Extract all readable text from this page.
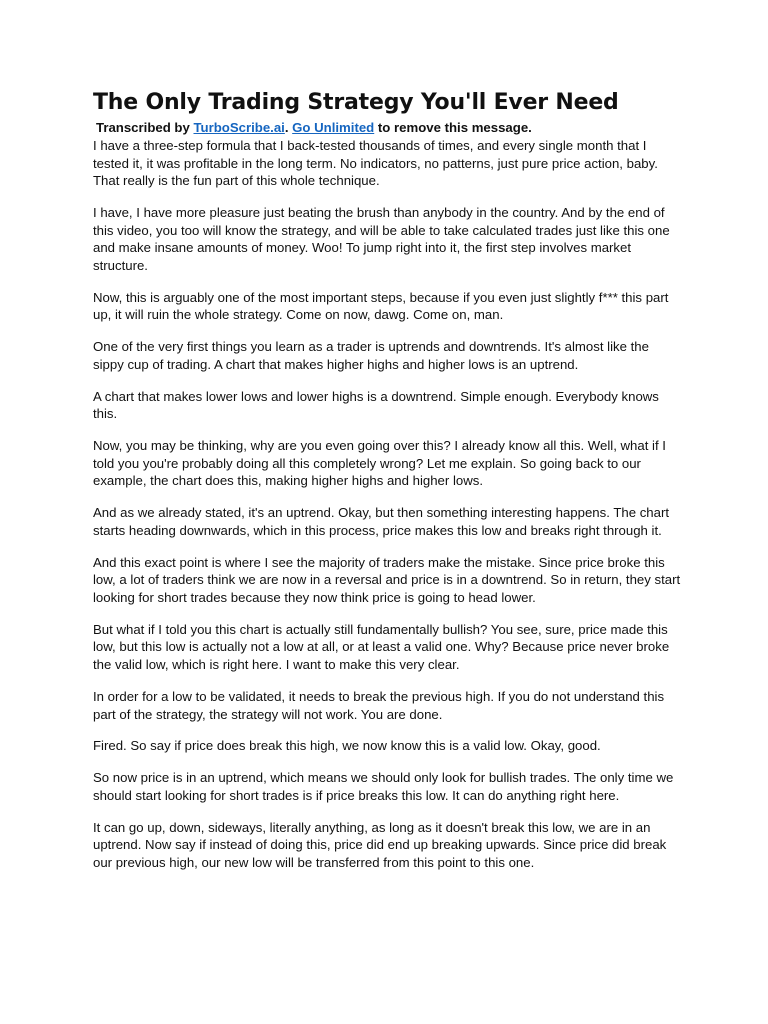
The Only Trading Strategy You'll Ever Need
Transcribed by TurboScribe.ai. Go Unlimited to remove this message.

I have a three-step formula that I back-tested thousands of times, and every single month that I tested it, it was profitable in the long term. No indicators, no patterns, just pure price action, baby. That really is the fun part of this whole technique.

I have, I have more pleasure just beating the brush than anybody in the country. And by the end of this video, you too will know the strategy, and will be able to take calculated trades just like this one and make insane amounts of money. Woo! To jump right into it, the first step involves market structure.

Now, this is arguably one of the most important steps, because if you even just slightly f*** this part up, it will ruin the whole strategy. Come on now, dawg. Come on, man.

One of the very first things you learn as a trader is uptrends and downtrends. It's almost like the sippy cup of trading. A chart that makes higher highs and higher lows is an uptrend.

A chart that makes lower lows and lower highs is a downtrend. Simple enough. Everybody knows this.

Now, you may be thinking, why are you even going over this? I already know all this. Well, what if I told you you're probably doing all this completely wrong? Let me explain. So going back to our example, the chart does this, making higher highs and higher lows.

And as we already stated, it's an uptrend. Okay, but then something interesting happens. The chart starts heading downwards, which in this process, price makes this low and breaks right through it.

And this exact point is where I see the majority of traders make the mistake. Since price broke this low, a lot of traders think we are now in a reversal and price is in a downtrend. So in return, they start looking for short trades because they now think price is going to head lower.

But what if I told you this chart is actually still fundamentally bullish? You see, sure, price made this low, but this low is actually not a low at all, or at least a valid one. Why? Because price never broke the valid low, which is right here. I want to make this very clear.

In order for a low to be validated, it needs to break the previous high. If you do not understand this part of the strategy, the strategy will not work. You are done.

Fired. So say if price does break this high, we now know this is a valid low. Okay, good.

So now price is in an uptrend, which means we should only look for bullish trades. The only time we should start looking for short trades is if price breaks this low. It can do anything right here.

It can go up, down, sideways, literally anything, as long as it doesn't break this low, we are in an uptrend. Now say if instead of doing this, price did end up breaking upwards. Since price did break our previous high, our new low will be transferred from this point to this one.
